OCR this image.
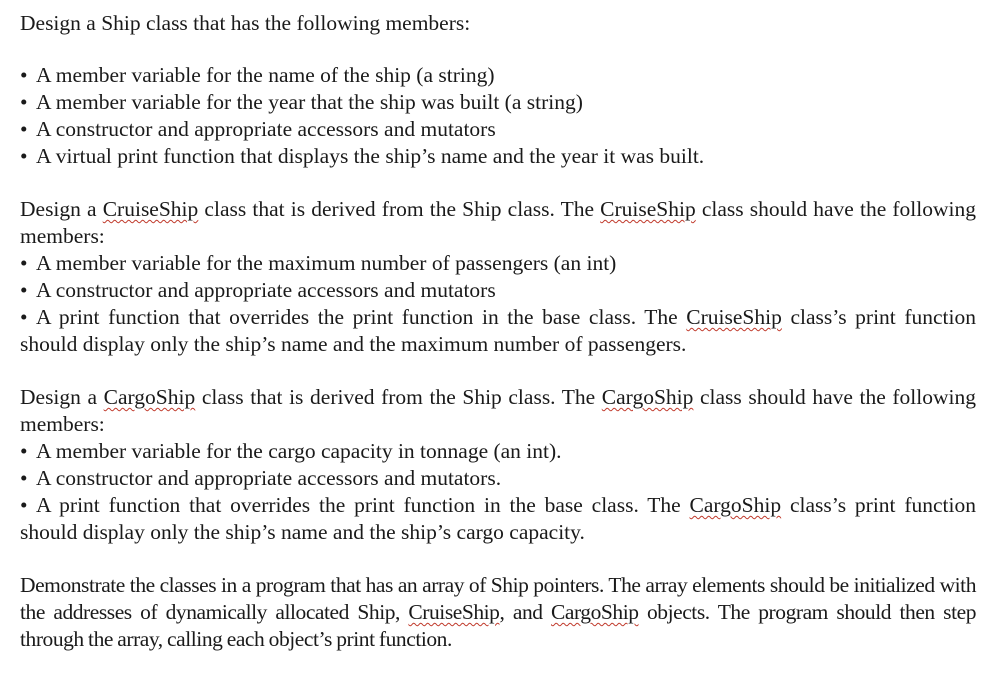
Design a Ship class that has the following members:

• A member variable for the name of the ship (a string)
• A member variable for the year that the ship was built (a string)
• A constructor and appropriate accessors and mutators
• A virtual print function that displays the ship’s name and the year it was built.

Design a CruiseShip class that is derived from the Ship class. The CruiseShip class should have the following members:

• A member variable for the maximum number of passengers (an int)
• A constructor and appropriate accessors and mutators
• A print function that overrides the print function in the base class. The CruiseShip class’s print function should display only the ship’s name and the maximum number of passengers.

Design a CargoShip class that is derived from the Ship class. The CargoShip class should have the following members:

• A member variable for the cargo capacity in tonnage (an int).
• A constructor and appropriate accessors and mutators.
• A print function that overrides the print function in the base class. The CargoShip class’s print function should display only the ship’s name and the ship’s cargo capacity.

Demonstrate the classes in a program that has an array of Ship pointers. The array elements should be initialized with the addresses of dynamically allocated Ship, CruiseShip, and CargoShip objects. The program should then step through the array, calling each object’s print function.
